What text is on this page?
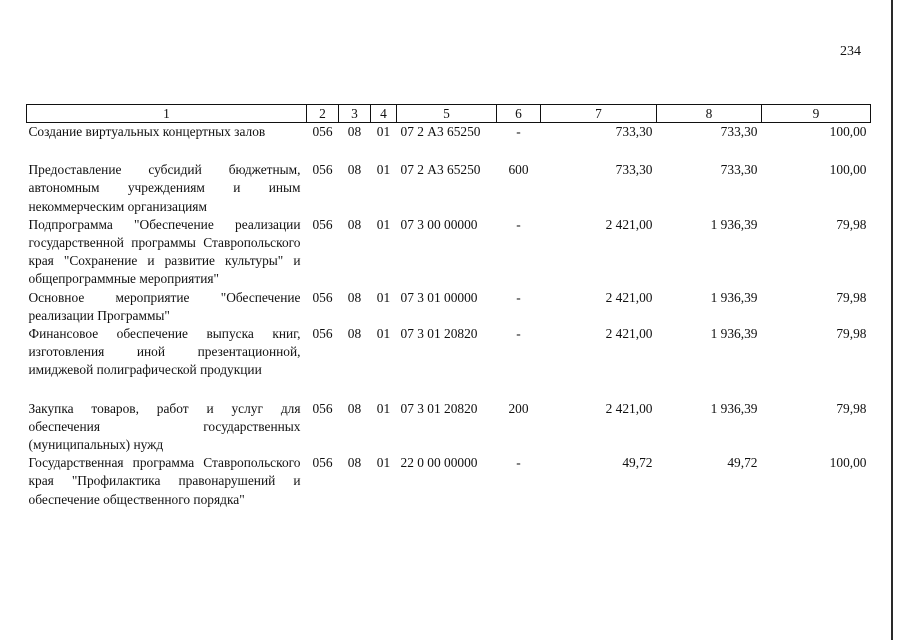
234
1	2	3	4	5	6	7	8	9
Создание виртуальных концертных залов	056	08	01	07 2 А3 65250	-	733,30	733,30	100,00
Предоставление субсидий бюджетным, автономным учреждениям и иным некоммерческим организациям	056	08	01	07 2 А3 65250	600	733,30	733,30	100,00
Подпрограмма "Обеспечение реализации государственной программы Ставропольского края "Сохранение и развитие культуры" и общепрограммные мероприятия"	056	08	01	07 3 00 00000	-	2 421,00	1 936,39	79,98
Основное мероприятие "Обеспечение реализации Программы"	056	08	01	07 3 01 00000	-	2 421,00	1 936,39	79,98
Финансовое обеспечение выпуска книг, изготовления иной презентационной, имиджевой полиграфической продукции	056	08	01	07 3 01 20820	-	2 421,00	1 936,39	79,98
Закупка товаров, работ и услуг для обеспечения государственных (муниципальных) нужд	056	08	01	07 3 01 20820	200	2 421,00	1 936,39	79,98
Государственная программа Ставропольского края "Профилактика правонарушений и обеспечение общественного порядка"	056	08	01	22 0 00 00000	-	49,72	49,72	100,00
